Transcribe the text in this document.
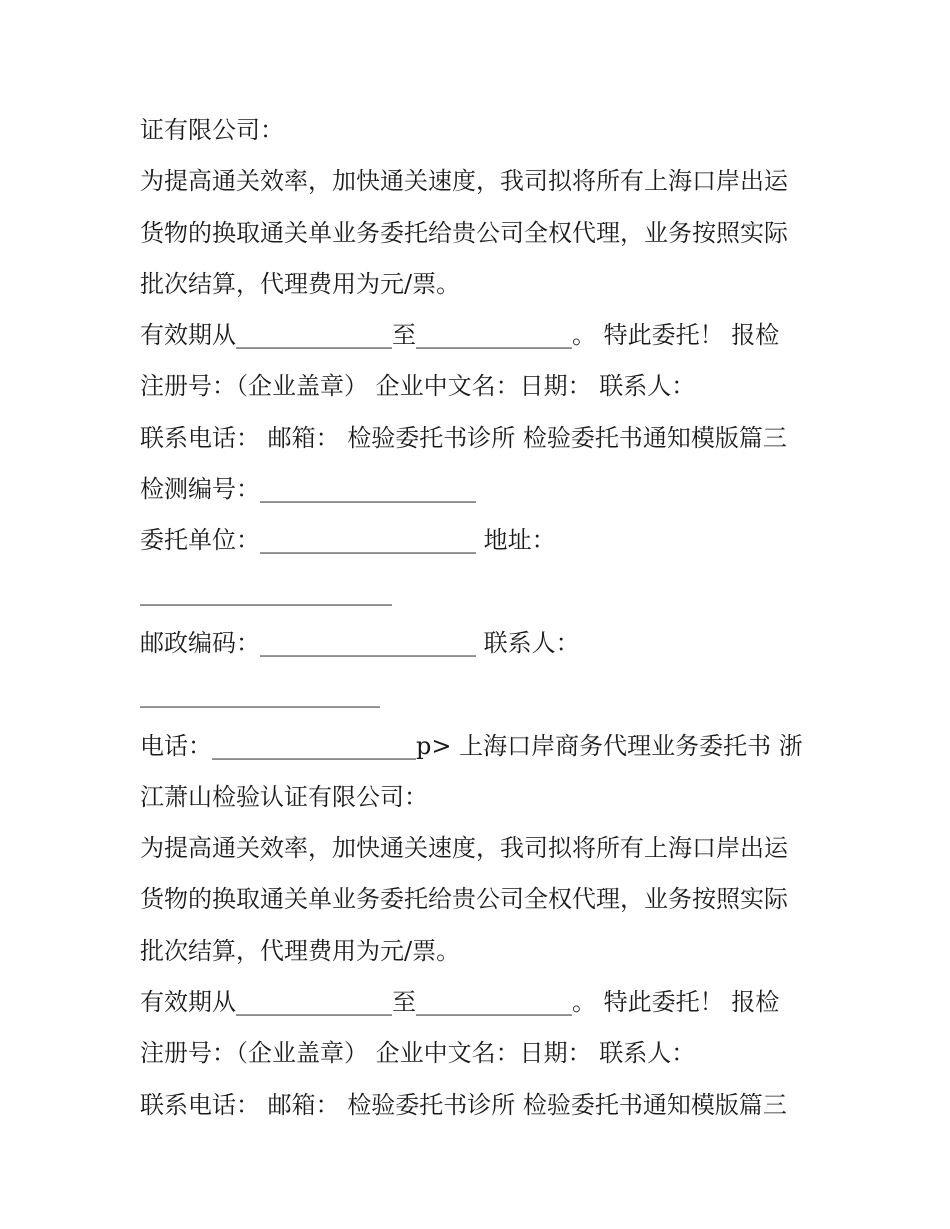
证有限公司：
为提高通关效率，加快通关速度，我司拟将所有上海口岸出运
货物的换取通关单业务委托给贵公司全权代理，业务按照实际
批次结算，代理费用为元/票。
有效期从_____________至_____________。 特此委托！ 报检
注册号：（企业盖章） 企业中文名：日期： 联系人：
联系电话： 邮箱： 检验委托书诊所 检验委托书通知模版篇三
检测编号：__________________
委托单位：__________________ 地址：
_____________________
邮政编码：__________________ 联系人：
____________________
电话：_________________p> 上海口岸商务代理业务委托书 浙
江萧山检验认证有限公司：
为提高通关效率，加快通关速度，我司拟将所有上海口岸出运
货物的换取通关单业务委托给贵公司全权代理，业务按照实际
批次结算，代理费用为元/票。
有效期从_____________至_____________。 特此委托！ 报检
注册号：（企业盖章） 企业中文名：日期： 联系人：
联系电话： 邮箱： 检验委托书诊所 检验委托书通知模版篇三
